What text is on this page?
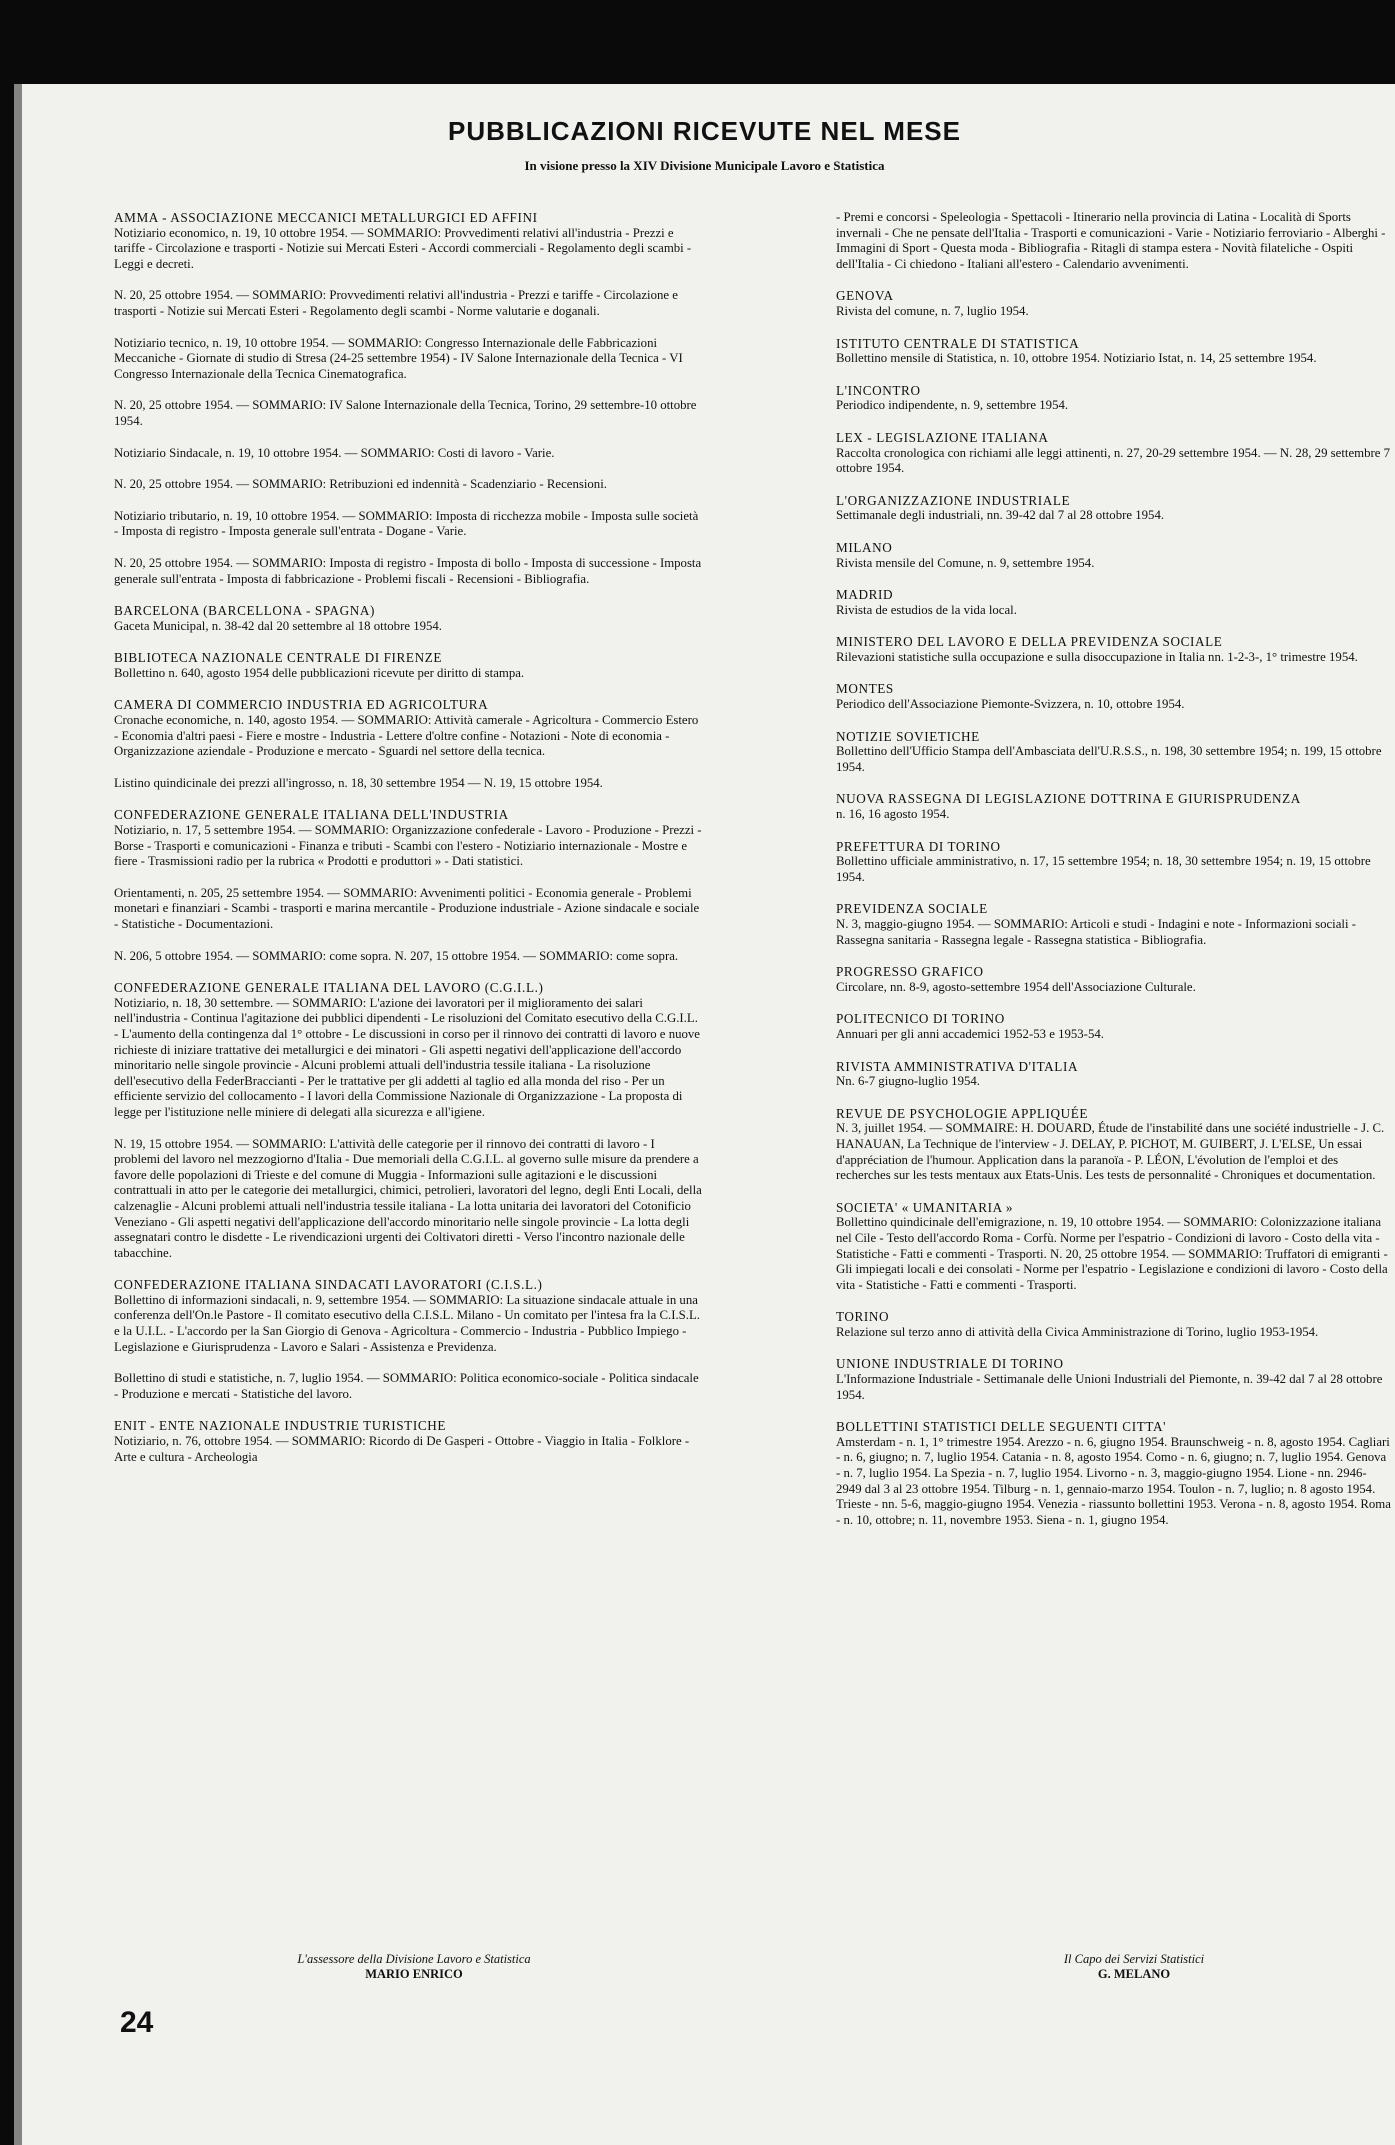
PUBBLICAZIONI RICEVUTE NEL MESE
In visione presso la XIV Divisione Municipale Lavoro e Statistica
AMMA - ASSOCIAZIONE MECCANICI METALLURGICI ED AFFINI
Notiziario economico, n. 19, 10 ottobre 1954. — SOMMARIO: Provvedimenti relativi all'industria - Prezzi e tariffe - Circolazione e trasporti - Notizie sui Mercati Esteri - Accordi commerciali - Regolamento degli scambi - Leggi e decreti.
N. 20, 25 ottobre 1954. — SOMMARIO: Provvedimenti relativi all'industria - Prezzi e tariffe - Circolazione e trasporti - Notizie sui Mercati Esteri - Regolamento degli scambi - Norme valutarie e doganali.
Notiziario tecnico, n. 19, 10 ottobre 1954. — SOMMARIO: Congresso Internazionale delle Fabbricazioni Meccaniche - Giornate di studio di Stresa (24-25 settembre 1954) - IV Salone Internazionale della Tecnica - VI Congresso Internazionale della Tecnica Cinematografica.
N. 20, 25 ottobre 1954. — SOMMARIO: IV Salone Internazionale della Tecnica, Torino, 29 settembre-10 ottobre 1954.
Notiziario Sindacale, n. 19, 10 ottobre 1954. — SOMMARIO: Costi di lavoro - Varie.
N. 20, 25 ottobre 1954. — SOMMARIO: Retribuzioni ed indennità - Scadenziario - Recensioni.
Notiziario tributario, n. 19, 10 ottobre 1954. — SOMMARIO: Imposta di ricchezza mobile - Imposta sulle società - Imposta di registro - Imposta generale sull'entrata - Dogane - Varie.
N. 20, 25 ottobre 1954. — SOMMARIO: Imposta di registro - Imposta di bollo - Imposta di successione - Imposta generale sull'entrata - Imposta di fabbricazione - Problemi fiscali - Recensioni - Bibliografia.
BARCELONA (BARCELLONA - SPAGNA)
Gaceta Municipal, n. 38-42 dal 20 settembre al 18 ottobre 1954.
BIBLIOTECA NAZIONALE CENTRALE DI FIRENZE
Bollettino n. 640, agosto 1954 delle pubblicazioni ricevute per diritto di stampa.
CAMERA DI COMMERCIO INDUSTRIA ED AGRICOLTURA
Cronache economiche, n. 140, agosto 1954. — SOMMARIO: Attività camerale - Agricoltura - Commercio Estero - Economia d'altri paesi - Fiere e mostre - Industria - Lettere d'oltre confine - Notazioni - Note di economia - Organizzazione aziendale - Produzione e mercato - Sguardi nel settore della tecnica.
Listino quindicinale dei prezzi all'ingrosso, n. 18, 30 settembre 1954 — N. 19, 15 ottobre 1954.
CONFEDERAZIONE GENERALE ITALIANA DELL'INDUSTRIA
Notiziario, n. 17, 5 settembre 1954. — SOMMARIO: Organizzazione confederale - Lavoro - Produzione - Prezzi - Borse - Trasporti e comunicazioni - Finanza e tributi - Scambi con l'estero - Notiziario internazionale - Mostre e fiere - Trasmissioni radio per la rubrica « Prodotti e produttori » - Dati statistici.
Orientamenti, n. 205, 25 settembre 1954. — SOMMARIO: Avvenimenti politici - Economia generale - Problemi monetari e finanziari - Scambi - trasporti e marina mercantile - Produzione industriale - Azione sindacale e sociale - Statistiche - Documentazioni.
N. 206, 5 ottobre 1954. — SOMMARIO: come sopra. N. 207, 15 ottobre 1954. — SOMMARIO: come sopra.
CONFEDERAZIONE GENERALE ITALIANA DEL LAVORO (C.G.I.L.)
Notiziario, n. 18, 30 settembre. — SOMMARIO: L'azione dei lavoratori per il miglioramento dei salari nell'industria - Continua l'agitazione dei pubblici dipendenti - Le risoluzioni del Comitato esecutivo della C.G.I.L. - L'aumento della contingenza dal 1° ottobre - Le discussioni in corso per il rinnovo dei contratti di lavoro e nuove richieste di iniziare trattative dei metallurgici e dei minatori - Gli aspetti negativi dell'applicazione dell'accordo minoritario nelle singole provincie - Alcuni problemi attuali dell'industria tessile italiana - La risoluzione dell'esecutivo della FederBraccianti - Per le trattative per gli addetti al taglio ed alla monda del riso - Per un efficiente servizio del collocamento - I lavori della Commissione Nazionale di Organizzazione - La proposta di legge per l'istituzione nelle miniere di delegati alla sicurezza e all'igiene.
N. 19, 15 ottobre 1954. — SOMMARIO: L'attività delle categorie per il rinnovo dei contratti di lavoro - I problemi del lavoro nel mezzogiorno d'Italia - Due memoriali della C.G.I.L. al governo sulle misure da prendere a favore delle popolazioni di Trieste e del comune di Muggia - Informazioni sulle agitazioni e le discussioni contrattuali in atto per le categorie dei metallurgici, chimici, petrolieri, lavoratori del legno, degli Enti Locali, della calzenaglie - Alcuni problemi attuali nell'industria tessile italiana - La lotta unitaria dei lavoratori del Cotonificio Veneziano - Gli aspetti negativi dell'applicazione dell'accordo minoritario nelle singole provincie - La lotta degli assegnatari contro le disdette - Le rivendicazioni urgenti dei Coltivatori diretti - Verso l'incontro nazionale delle tabacchine.
CONFEDERAZIONE ITALIANA SINDACATI LAVORATORI (C.I.S.L.)
Bollettino di informazioni sindacali, n. 9, settembre 1954. — SOMMARIO: La situazione sindacale attuale in una conferenza dell'On.le Pastore - Il comitato esecutivo della C.I.S.L. Milano - Un comitato per l'intesa fra la C.I.S.L. e la U.I.L. - L'accordo per la San Giorgio di Genova - Agricoltura - Commercio - Industria - Pubblico Impiego - Legislazione e Giurisprudenza - Lavoro e Salari - Assistenza e Previdenza.
Bollettino di studi e statistiche, n. 7, luglio 1954. — SOMMARIO: Politica economico-sociale - Politica sindacale - Produzione e mercati - Statistiche del lavoro.
ENIT - ENTE NAZIONALE INDUSTRIE TURISTICHE
Notiziario, n. 76, ottobre 1954. — SOMMARIO: Ricordo di De Gasperi - Ottobre - Viaggio in Italia - Folklore - Arte e cultura - Archeologia
- Premi e concorsi - Speleologia - Spettacoli - Itinerario nella provincia di Latina - Località di Sports invernali - Che ne pensate dell'Italia - Trasporti e comunicazioni - Varie - Notiziario ferroviario - Alberghi - Immagini di Sport - Questa moda - Bibliografia - Ritagli di stampa estera - Novità filateliche - Ospiti dell'Italia - Ci chiedono - Italiani all'estero - Calendario avvenimenti.
GENOVA
Rivista del comune, n. 7, luglio 1954.
ISTITUTO CENTRALE DI STATISTICA
Bollettino mensile di Statistica, n. 10, ottobre 1954. Notiziario Istat, n. 14, 25 settembre 1954.
L'INCONTRO
Periodico indipendente, n. 9, settembre 1954.
LEX - LEGISLAZIONE ITALIANA
Raccolta cronologica con richiami alle leggi attinenti, n. 27, 20-29 settembre 1954. — N. 28, 29 settembre 7 ottobre 1954.
L'ORGANIZZAZIONE INDUSTRIALE
Settimanale degli industriali, nn. 39-42 dal 7 al 28 ottobre 1954.
MILANO
Rivista mensile del Comune, n. 9, settembre 1954.
MADRID
Rivista de estudios de la vida local.
MINISTERO DEL LAVORO E DELLA PREVIDENZA SOCIALE
Rilevazioni statistiche sulla occupazione e sulla disoccupazione in Italia nn. 1-2-3-, 1° trimestre 1954.
MONTES
Periodico dell'Associazione Piemonte-Svizzera, n. 10, ottobre 1954.
NOTIZIE SOVIETICHE
Bollettino dell'Ufficio Stampa dell'Ambasciata dell'U.R.S.S., n. 198, 30 settembre 1954; n. 199, 15 ottobre 1954.
NUOVA RASSEGNA DI LEGISLAZIONE DOTTRINA E GIURISPRUDENZA
n. 16, 16 agosto 1954.
PREFETTURA DI TORINO
Bollettino ufficiale amministrativo, n. 17, 15 settembre 1954; n. 18, 30 settembre 1954; n. 19, 15 ottobre 1954.
PREVIDENZA SOCIALE
N. 3, maggio-giugno 1954. — SOMMARIO: Articoli e studi - Indagini e note - Informazioni sociali - Rassegna sanitaria - Rassegna legale - Rassegna statistica - Bibliografia.
PROGRESSO GRAFICO
Circolare, nn. 8-9, agosto-settembre 1954 dell'Associazione Culturale.
POLITECNICO DI TORINO
Annuari per gli anni accademici 1952-53 e 1953-54.
RIVISTA AMMINISTRATIVA D'ITALIA
Nn. 6-7 giugno-luglio 1954.
REVUE DE PSYCHOLOGIE APPLIQUÉE
N. 3, juillet 1954. — SOMMAIRE: H. DOUARD, Étude de l'instabilité dans une société industrielle - J. C. HANAUAN, La Technique de l'interview - J. DELAY, P. PICHOT, M. GUIBERT, J. L'ELSE, Un essai d'appréciation de l'humour. Application dans la paranoïa - P. LÉON, L'évolution de l'emploi et des recherches sur les tests mentaux aux Etats-Unis. Les tests de personnalité - Chroniques et documentation.
SOCIETA' « UMANITARIA »
Bollettino quindicinale dell'emigrazione, n. 19, 10 ottobre 1954. — SOMMARIO: Colonizzazione italiana nel Cile - Testo dell'accordo Roma - Corfù. Norme per l'espatrio - Condizioni di lavoro - Costo della vita - Statistiche - Fatti e commenti - Trasporti. N. 20, 25 ottobre 1954. — SOMMARIO: Truffatori di emigranti - Gli impiegati locali e dei consolati - Norme per l'espatrio - Legislazione e condizioni di lavoro - Costo della vita - Statistiche - Fatti e commenti - Trasporti.
TORINO
Relazione sul terzo anno di attività della Civica Amministrazione di Torino, luglio 1953-1954.
UNIONE INDUSTRIALE DI TORINO
L'Informazione Industriale - Settimanale delle Unioni Industriali del Piemonte, n. 39-42 dal 7 al 28 ottobre 1954.
BOLLETTINI STATISTICI DELLE SEGUENTI CITTA'
Amsterdam - n. 1, 1° trimestre 1954. Arezzo - n. 6, giugno 1954. Braunschweig - n. 8, agosto 1954. Cagliari - n. 6, giugno; n. 7, luglio 1954. Catania - n. 8, agosto 1954. Como - n. 6, giugno; n. 7, luglio 1954. Genova - n. 7, luglio 1954. La Spezia - n. 7, luglio 1954. Livorno - n. 3, maggio-giugno 1954. Lione - nn. 2946-2949 dal 3 al 23 ottobre 1954. Tilburg - n. 1, gennaio-marzo 1954. Toulon - n. 7, luglio; n. 8 agosto 1954. Trieste - nn. 5-6, maggio-giugno 1954. Venezia - riassunto bollettini 1953. Verona - n. 8, agosto 1954. Roma - n. 10, ottobre; n. 11, novembre 1953. Siena - n. 1, giugno 1954.
L'assessore della Divisione Lavoro e Statistica
MARIO ENRICO
Il Capo dei Servizi Statistici
G. MELANO
24
